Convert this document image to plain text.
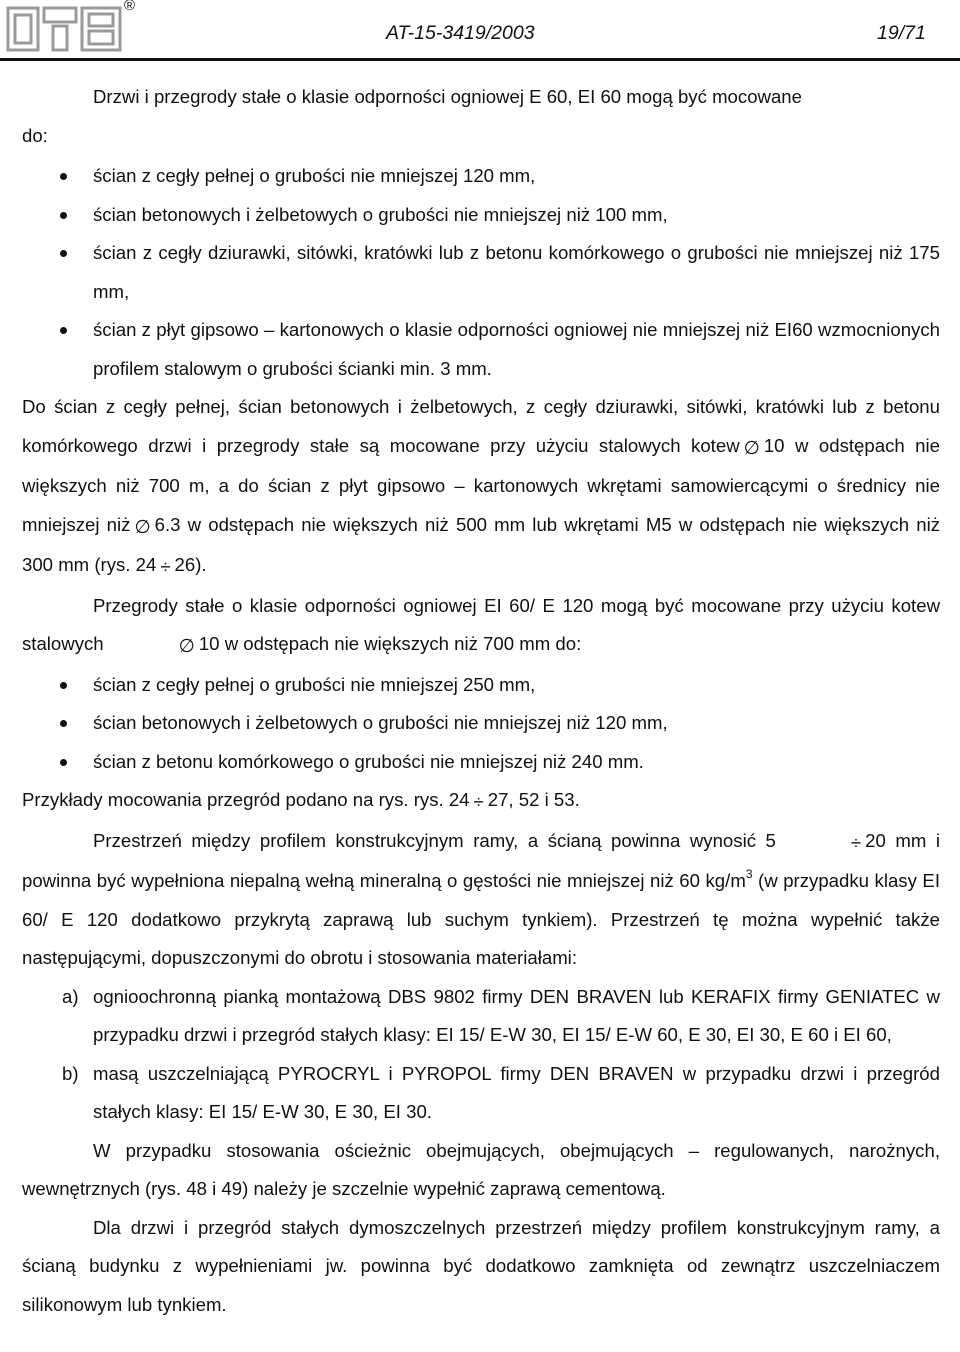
®
AT-15-3419/2003	19/71

Drzwi i przegrody stałe o klasie odporności ogniowej E 60, EI 60 mogą być mocowane

do:

ścian z cegły pełnej o grubości nie mniejszej 120 mm,
ścian betonowych i żelbetowych o grubości nie mniejszej niż 100 mm,
ścian z cegły dziurawki, sitówki, kratówki lub z betonu komórkowego o grubości nie mniejszej niż 175 mm,
ścian z płyt gipsowo – kartonowych o klasie odporności ogniowej nie mniejszej niż EI60 wzmocnionych profilem stalowym o grubości ścianki min. 3 mm.

Do ścian z cegły pełnej, ścian betonowych i żelbetowych, z cegły dziurawki, sitówki, kratówki lub z betonu komórkowego drzwi i przegrody stałe są mocowane przy użyciu stalowych kotew ∅ 10 w odstępach nie większych niż 700 m, a do ścian z płyt gipsowo – kartonowych wkrętami samowiercącymi o średnicy nie mniejszej niż ∅ 6.3 w odstępach nie większych niż 500 mm lub wkrętami M5 w odstępach nie większych niż 300 mm (rys. 24 ÷ 26).

Przegrody stałe o klasie odporności ogniowej EI 60/ E 120 mogą być mocowane przy użyciu kotew stalowych	∅ 10 w odstępach nie większych niż 700 mm do:

ścian z cegły pełnej o grubości nie mniejszej 250 mm,
ścian betonowych i żelbetowych o grubości nie mniejszej niż 120 mm,
ścian z betonu komórkowego o grubości nie mniejszej niż 240 mm.

Przykłady mocowania przegród podano na rys. rys. 24 ÷ 27, 52 i 53.

Przestrzeń między profilem konstrukcyjnym ramy, a ścianą powinna wynosić 5	÷ 20 mm i powinna być wypełniona niepalną wełną mineralną o gęstości nie mniejszej niż 60 $kg/m^3$ (w przypadku klasy EI 60/ E 120 dodatkowo przykrytą zaprawą lub suchym tynkiem). Przestrzeń tę można wypełnić także następującymi, dopuszczonymi do obrotu i stosowania materiałami:

a) ognioochronną pianką montażową DBS 9802 firmy DEN BRAVEN lub KERAFIX firmy GENIATEC w przypadku drzwi i przegród stałych klasy: EI 15/ E-W 30, EI 15/ E-W 60, E 30, EI 30, E 60 i EI 60,
b) masą uszczelniającą PYROCRYL i PYROPOL firmy DEN BRAVEN w przypadku drzwi i przegród stałych klasy: EI 15/ E-W 30, E 30, EI 30.

W przypadku stosowania ościeżnic obejmujących, obejmujących – regulowanych, narożnych, wewnętrznych (rys. 48 i 49) należy je szczelnie wypełnić zaprawą cementową.

Dla drzwi i przegród stałych dymoszczelnych przestrzeń między profilem konstrukcyjnym ramy, a ścianą budynku z wypełnieniami jw. powinna być dodatkowo zamknięta od zewnątrz uszczelniaczem silikonowym lub tynkiem.
